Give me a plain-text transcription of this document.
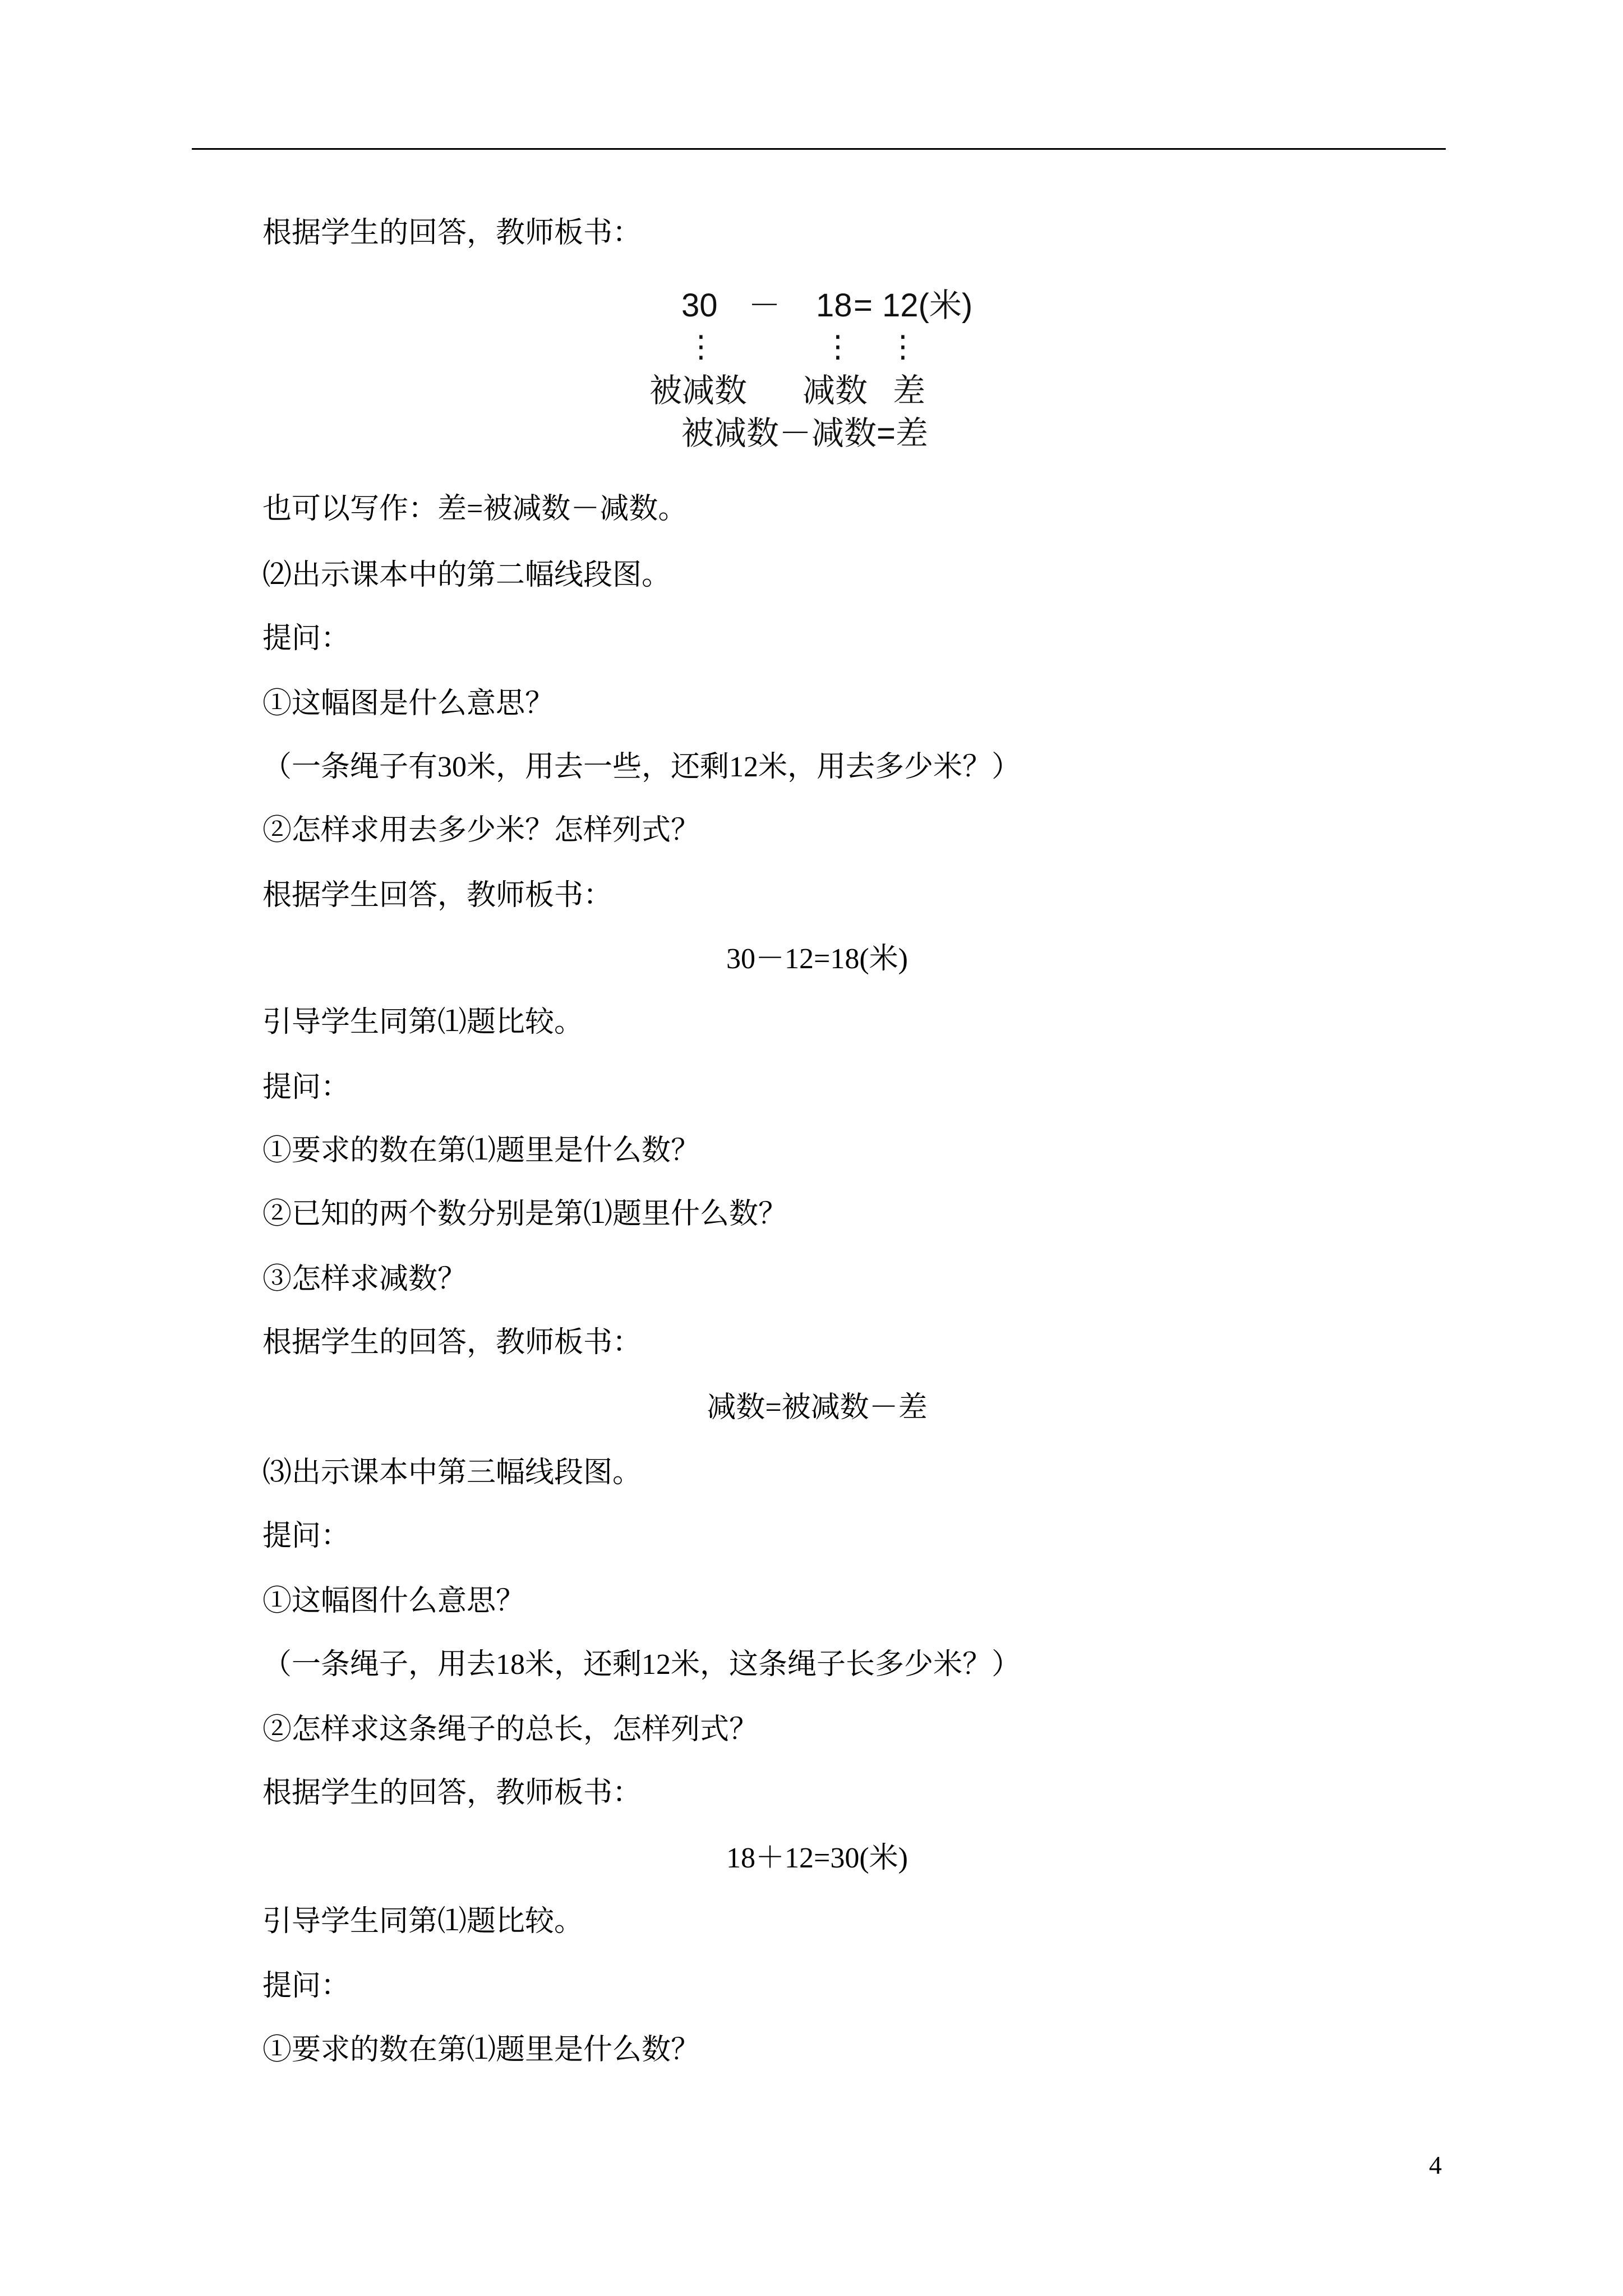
根据学生的回答，教师板书：
30 － 18 = 12(米)
⋮	⋮ ⋮
被减数 减数 差
被减数－减数=差
也可以写作：差=被减数－减数。
⑵出示课本中的第二幅线段图。
提问：
①这幅图是什么意思？
（一条绳子有30米，用去一些，还剩12米，用去多少米？）
②怎样求用去多少米？怎样列式？
根据学生回答，教师板书：
30－12=18(米)
引导学生同第⑴题比较。
提问：
①要求的数在第⑴题里是什么数？
②已知的两个数分别是第⑴题里什么数？
③怎样求减数？
根据学生的回答，教师板书：
减数=被减数－差
⑶出示课本中第三幅线段图。
提问：
①这幅图什么意思？
（一条绳子，用去18米，还剩12米，这条绳子长多少米？）
②怎样求这条绳子的总长，怎样列式？
根据学生的回答，教师板书：
18＋12=30(米)
引导学生同第⑴题比较。
提问：
①要求的数在第⑴题里是什么数？
4
